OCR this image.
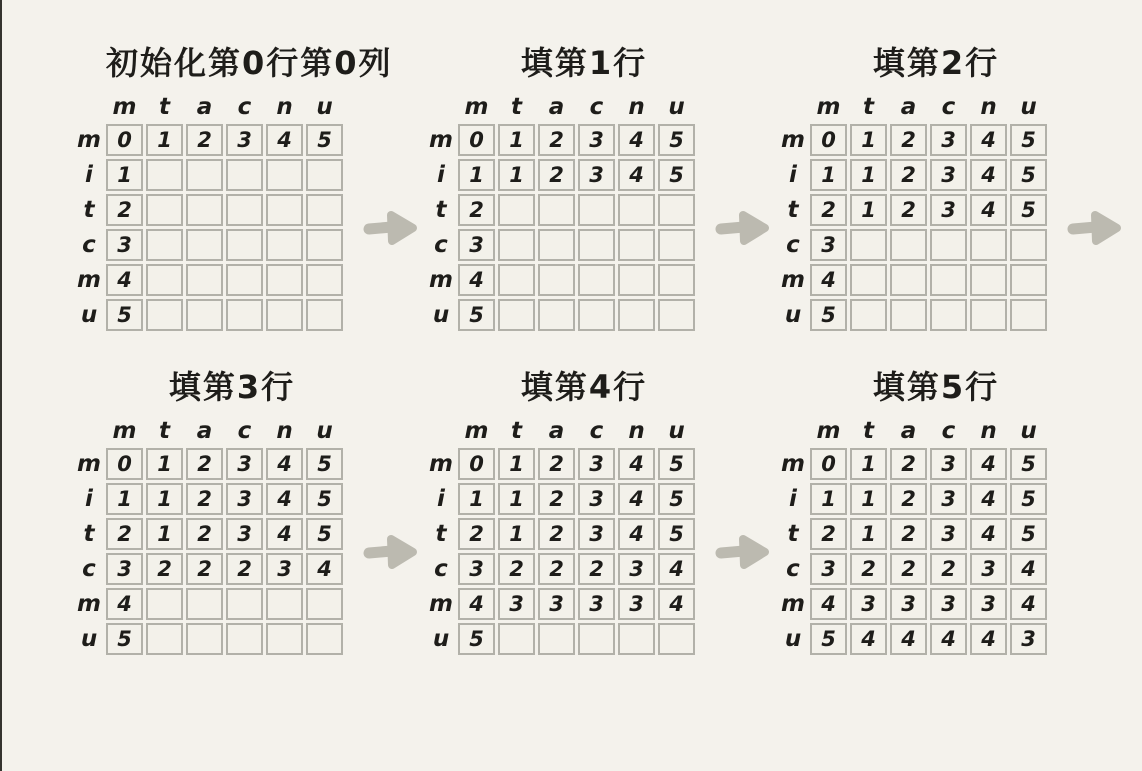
初始化第0行第0列
	m	t	a	c	n	u
m	0	1	2	3	4	5
i	1					
t	2					
c	3					
m	4					
u	5					
填第1行
	m	t	a	c	n	u
m	0	1	2	3	4	5
i	1	1	2	3	4	5
t	2					
c	3					
m	4					
u	5					
填第2行
	m	t	a	c	n	u
m	0	1	2	3	4	5
i	1	1	2	3	4	5
t	2	1	2	3	4	5
c	3					
m	4					
u	5					
填第3行
	m	t	a	c	n	u
m	0	1	2	3	4	5
i	1	1	2	3	4	5
t	2	1	2	3	4	5
c	3	2	2	2	3	4
m	4					
u	5					
填第4行
	m	t	a	c	n	u
m	0	1	2	3	4	5
i	1	1	2	3	4	5
t	2	1	2	3	4	5
c	3	2	2	2	3	4
m	4	3	3	3	3	4
u	5					
填第5行
	m	t	a	c	n	u
m	0	1	2	3	4	5
i	1	1	2	3	4	5
t	2	1	2	3	4	5
c	3	2	2	2	3	4
m	4	3	3	3	3	4
u	5	4	4	4	4	3
